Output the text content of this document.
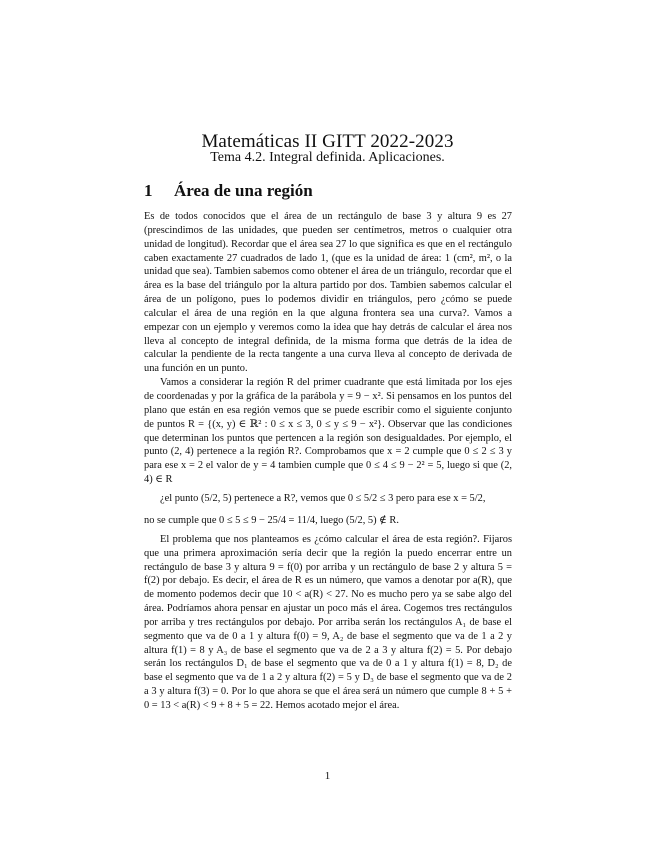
Matemáticas II GITT 2022-2023
Tema 4.2. Integral definida. Aplicaciones.
1 Área de una región

Es de todos conocidos que el área de un rectángulo de base 3 y altura 9 es 27 (prescindimos de las unidades, que pueden ser centímetros, metros o cualquier otra unidad de longitud). Recordar que el área sea 27 lo que significa es que en el rectángulo caben exactamente 27 cuadrados de lado 1, (que es la unidad de área: 1 (cm², m², o la unidad que sea). Tambien sabemos como obtener el área de un triángulo, recordar que el área es la base del triángulo por la altura partido por dos. Tambien sabemos calcular el área de un polígono, pues lo podemos dividir en triángulos, pero ¿cómo se puede calcular el área de una región en la que alguna frontera sea una curva?. Vamos a empezar con un ejemplo y veremos como la idea que hay detrás de calcular el área nos lleva al concepto de integral definida, de la misma forma que detrás de la idea de calcular la pendiente de la recta tangente a una curva lleva al concepto de derivada de una función en un punto.

Vamos a considerar la región R del primer cuadrante que está limitada por los ejes de coordenadas y por la gráfica de la parábola y = 9 − x². Si pensamos en los puntos del plano que están en esa región vemos que se puede escribir como el siguiente conjunto de puntos R = {(x, y) ∈ ℝ² : 0 ≤ x ≤ 3, 0 ≤ y ≤ 9 − x²}. Observar que las condiciones que determinan los puntos que pertencen a la región son desigualdades. Por ejemplo, el punto (2, 4) pertenece a la región R?. Comprobamos que x = 2 cumple que 0 ≤ 2 ≤ 3 y para ese x = 2 el valor de y = 4 tambien cumple que 0 ≤ 4 ≤ 9 − 2² = 5, luego si que (2, 4) ∈ R

¿el punto (5/2, 5) pertenece a R?, vemos que 0 ≤ 5/2 ≤ 3 pero para ese x = 5/2,

no se cumple que 0 ≤ 5 ≤ 9 − 25/4 = 11/4, luego (5/2, 5) ∉ R.

El problema que nos planteamos es ¿cómo calcular el área de esta región?. Fijaros que una primera aproximación sería decir que la región la puedo encerrar entre un rectángulo de base 3 y altura 9 = f(0) por arriba y un rectángulo de base 2 y altura 5 = f(2) por debajo. Es decir, el área de R es un número, que vamos a denotar por a(R), que de momento podemos decir que 10 < a(R) < 27. No es mucho pero ya se sabe algo del área. Podríamos ahora pensar en ajustar un poco más el área. Cogemos tres rectángulos por arriba y tres rectángulos por debajo. Por arriba serán los rectángulos A₁ de base el segmento que va de 0 a 1 y altura f(0) = 9, A₂ de base el segmento que va de 1 a 2 y altura f(1) = 8 y A₃ de base el segmento que va de 2 a 3 y altura f(2) = 5. Por debajo serán los rectángulos D₁ de base el segmento que va de 0 a 1 y altura f(1) = 8, D₂ de base el segmento que va de 1 a 2 y altura f(2) = 5 y D₃ de base el segmento que va de 2 a 3 y altura f(3) = 0. Por lo que ahora se que el área será un número que cumple 8 + 5 + 0 = 13 < a(R) < 9 + 8 + 5 = 22. Hemos acotado mejor el área.

1
